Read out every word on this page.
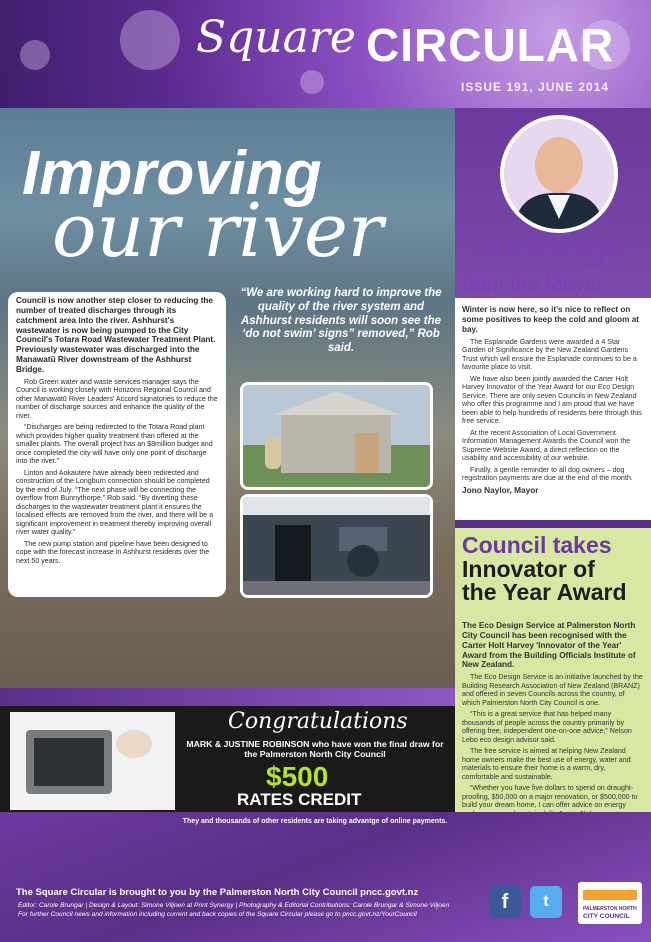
Square CIRCULAR
ISSUE 191, JUNE 2014
Improving
our river

Council is now another step closer to reducing the number of treated discharges through its catchment area into the river. Ashhurst's wastewater is now being pumped to the City Council's Totara Road Wastewater Treatment Plant. Previously wastewater was discharged into the Manawatū River downstream of the Ashhurst Bridge.

Rob Green water and waste services manager says the Council is working closely with Horizons Regional Council and other Manawatū River Leaders' Accord signatories to reduce the number of discharge sources and enhance the quality of the river.

“Discharges are being redirected to the Totara Road plant which provides higher quality treatment than offered at the smaller plants. The overall project has an $8million budget and once completed the city will have only one point of discharge into the river.”

Linton and Aokautere have already been redirected and construction of the Longburn connection should be completed by the end of July. “The next phase will be connecting the overflow from Bunnythorpe,” Rob said. “By diverting these discharges to the wastewater treatment plant it ensures the localised effects are removed from the river, and there will be a significant improvement in treatment thereby improving overall river water quality.”

The new pump station and pipeline have been designed to cope with the forecast increase in Ashhurst residents over the next 50 years.

“We are working hard to improve the quality of the river system and Ashhurst residents will soon see the ‘do not swim’ signs” removed,” Rob said.
Message
from the Mayor

Winter is now here, so it's nice to reflect on some positives to keep the cold and gloom at bay.

The Esplanade Gardens were awarded a 4 Star Garden of Significance by the New Zealand Gardens Trust which will ensure the Esplanade continues to be a favourite place to visit.

We have also been jointly awarded the Carter Holt Harvey Innovator of the Year Award for our Eco Design Service. There are only seven Councils in New Zealand who offer this programme and I am proud that we have been able to help hundreds of residents here through this free service.

At the recent Association of Local Government Information Management Awards the Council won the Supreme Website Award, a direct reflection on the usability and accessibility of our website.

Finally, a gentle reminder to all dog owners – dog registration payments are due at the end of the month.

Jono Naylor, Mayor
Council takes
Innovator of
the Year Award

The Eco Design Service at Palmerston North City Council has been recognised with the Carter Holt Harvey 'Innovator of the Year' Award from the Building Officials Institute of New Zealand.

The Eco Design Service is an initiative launched by the Building Research Association of New Zealand (BRANZ) and offered in seven Councils across the country, of which Palmerston North City Council is one.

“This is a great service that has helped many thousands of people across the country primarily by offering free, independent one-on-one advice,” Nelson Lebo eco design advisor said.

The free service is aimed at helping New Zealand home owners make the best use of energy, water and materials to ensure their home is a warm, dry, comfortable and sustainable.

“Whether you have five dollars to spend on draught-proofing, $50,000 on a major renovation, or $500,000 to build your dream home, I can offer advice on energy

Congratulations
MARK & JUSTINE ROBINSON who have won the final draw for the Palmerston North City Council
$500
RATES CREDIT
They and thousands of other residents are taking advantge of online payments.
The Square Circular is brought to you by the Palmerston North City Council pncc.govt.nz
Editor: Carole Brungar | Design & Layout: Simone Viljoen at Print Synergy | Photography & Editorial Contributions: Carole Brungar & Simone Viljoen
For further Council news and information including current and back copies of the Square Circular please go to pncc.govt.nz/YourCouncil
f	t	PALMERSTON NORTH
CITY COUNCIL
